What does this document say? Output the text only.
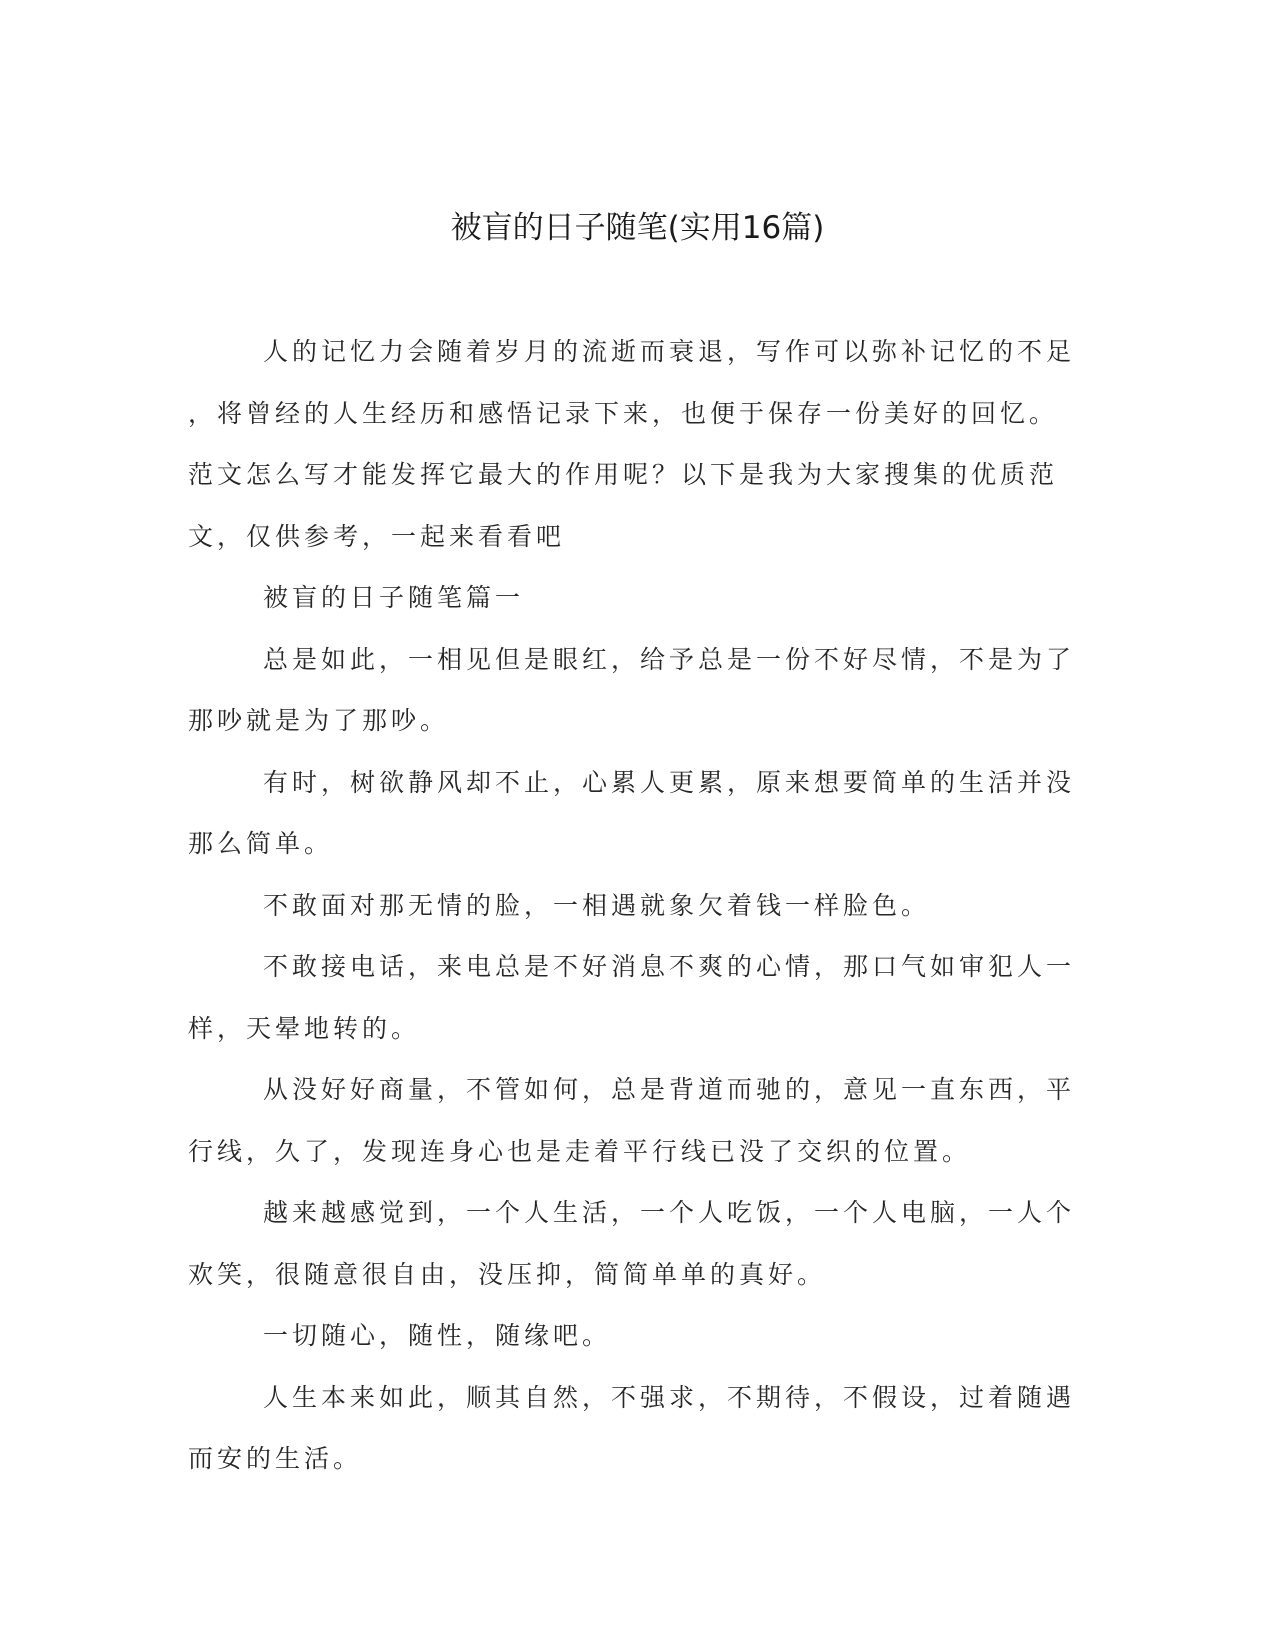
被盲的日子随笔(实用16篇)
人的记忆力会随着岁月的流逝而衰退，写作可以弥补记忆的不足
，将曾经的人生经历和感悟记录下来，也便于保存一份美好的回忆。
范文怎么写才能发挥它最大的作用呢？以下是我为大家搜集的优质范
文，仅供参考，一起来看看吧
被盲的日子随笔篇一
总是如此，一相见但是眼红，给予总是一份不好尽情，不是为了
那吵就是为了那吵。
有时，树欲静风却不止，心累人更累，原来想要简单的生活并没
那么简单。
不敢面对那无情的脸，一相遇就象欠着钱一样脸色。
不敢接电话，来电总是不好消息不爽的心情，那口气如审犯人一
样，天晕地转的。
从没好好商量，不管如何，总是背道而驰的，意见一直东西，平
行线，久了，发现连身心也是走着平行线已没了交织的位置。
越来越感觉到，一个人生活，一个人吃饭，一个人电脑，一人个
欢笑，很随意很自由，没压抑，简简单单的真好。
一切随心，随性，随缘吧。
人生本来如此，顺其自然，不强求，不期待，不假设，过着随遇
而安的生活。
